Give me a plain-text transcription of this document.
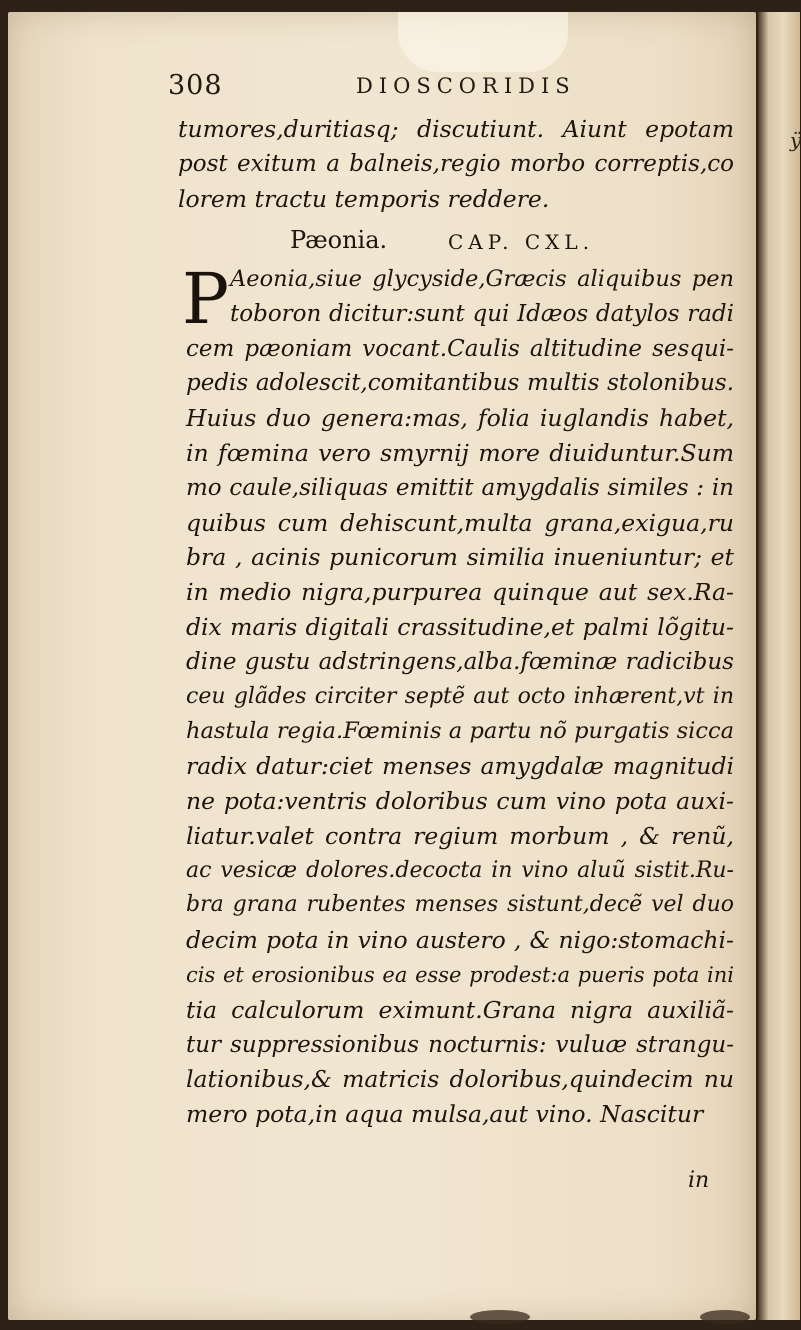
ÿ
308	DIOSCORIDIS
tumores,duritiasq; discutiunt. Aiunt epotam
post exitum a balneis,regio morbo correptis,co
lorem tractu temporis reddere.
Pæonia.	CAP. CXL.
P Aeonia,siue glycyside,Græcis aliquibus pen
toboron dicitur:sunt qui Idæos datylos radi
cem pæoniam vocant.Caulis altitudine sesqui-
pedis adolescit,comitantibus multis stolonibus.
Huius duo genera:mas, folia iuglandis habet,
in fœmina vero smyrnij more diuiduntur.Sum
mo caule,siliquas emittit amygdalis similes : in
quibus cum dehiscunt,multa grana,exigua,ru
bra , acinis punicorum similia inueniuntur; et
in medio nigra,purpurea quinque aut sex.Ra-
dix maris digitali crassitudine,et palmi lõgitu-
dine gustu adstringens,alba.fœminæ radicibus
ceu glãdes circiter septẽ aut octo inhærent,vt in
hastula regia.Fœminis a partu nõ purgatis sicca
radix datur:ciet menses amygdalæ magnitudi
ne pota:ventris doloribus cum vino pota auxi-
liatur.valet contra regium morbum , & renũ,
ac vesicæ dolores.decocta in vino aluũ sistit.Ru-
bra grana rubentes menses sistunt,decẽ vel duo
decim pota in vino austero , & nigo:stomachi-
cis et erosionibus ea esse prodest:a pueris pota ini
tia calculorum eximunt.Grana nigra auxiliã-
tur suppressionibus nocturnis: vuluæ strangu-
lationibus,& matricis doloribus,quindecim nu
mero pota,in aqua mulsa,aut vino. Nascitur
in
